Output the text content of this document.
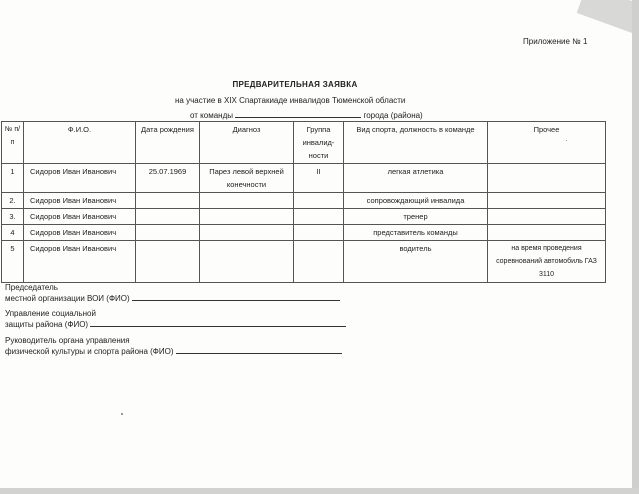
Приложение № 1
ПРЕДВАРИТЕЛЬНАЯ ЗАЯВКА
на участие в XIX Спартакиаде инвалидов Тюменской области
от команды	города (района)
№ п/п	Ф.И.О.	Дата рождения	Диагноз	Группа инвалид-ности	Вид спорта, должность в команде	Прочее
1	Сидоров Иван Иванович	25.07.1969	Парез левой верхней конечности	II	легкая атлетика	
2.	Сидоров Иван Иванович				сопровождающий инвалида	
3.	Сидоров Иван Иванович				тренер	
4	Сидоров Иван Иванович				представитель команды	
5	Сидоров Иван Иванович				водитель	на время проведения соревнований автомобиль ГАЗ 3110
Председатель
местной организации ВОИ (ФИО)
Управление социальной
защиты района (ФИО)
Руководитель органа управления
физической культуры и спорта района (ФИО)
